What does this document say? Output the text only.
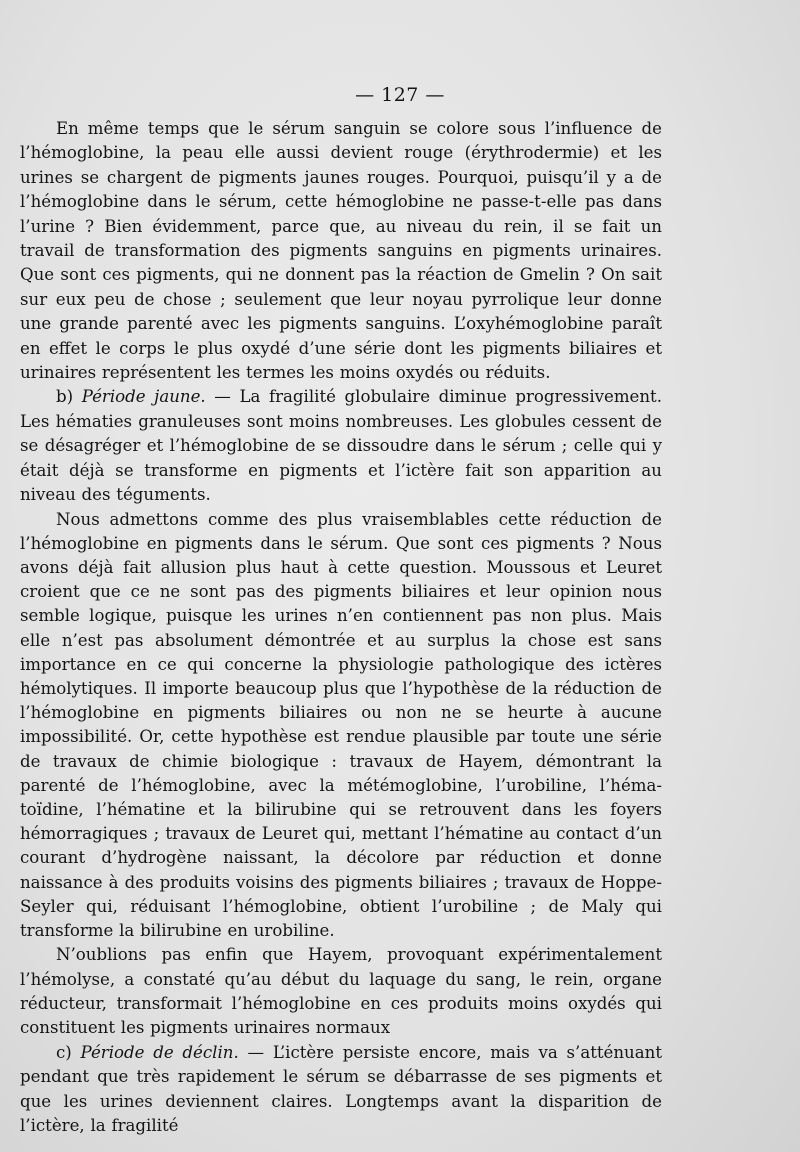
— 127 —

En même temps que le sérum sanguin se colore sous l’influence de l’hémoglobine, la peau elle aussi devient rouge (érythrodermie) et les urines se chargent de pigments jaunes rouges. Pourquoi, puisqu’il y a de l’hémoglobine dans le sérum, cette hémoglobine ne passe-t-elle pas dans l’urine ? Bien évidemment, parce que, au niveau du rein, il se fait un travail de transformation des pigments sanguins en pigments urinaires. Que sont ces pigments, qui ne donnent pas la réaction de Gmelin ? On sait sur eux peu de chose ; seulement que leur noyau pyrrolique leur donne une grande parenté avec les pigments sanguins. L’oxyhémoglobine paraît en effet le corps le plus oxydé d’une série dont les pigments biliaires et urinaires représentent les termes les moins oxydés ou réduits.

b) Période jaune. — La fragilité globulaire diminue progressivement. Les hématies granuleuses sont moins nombreuses. Les globules cessent de se désagréger et l’hémoglobine de se dissoudre dans le sérum ; celle qui y était déjà se transforme en pigments et l’ictère fait son apparition au niveau des téguments.

Nous admettons comme des plus vraisemblables cette réduction de l’hémoglobine en pigments dans le sérum. Que sont ces pigments ? Nous avons déjà fait allusion plus haut à cette question. Moussous et Leuret croient que ce ne sont pas des pigments biliaires et leur opinion nous semble logique, puisque les urines n’en contiennent pas non plus. Mais elle n’est pas absolument démontrée et au surplus la chose est sans importance en ce qui concerne la physiologie pathologique des ictères hémolytiques. Il importe beaucoup plus que l’hypothèse de la réduction de l’hémoglobine en pigments biliaires ou non ne se heurte à aucune impossibilité. Or, cette hypothèse est rendue plausible par toute une série de travaux de chimie biologique : travaux de Hayem, démontrant la parenté de l’hémoglobine, avec la métémoglobine, l’urobiline, l’hématoïdine, l’hématine et la bilirubine qui se retrouvent dans les foyers hémorragiques ; travaux de Leuret qui, mettant l’hématine au contact d’un courant d’hydrogène naissant, la décolore par réduction et donne naissance à des produits voisins des pigments biliaires ; travaux de Hoppe-Seyler qui, réduisant l’hémoglobine, obtient l’urobiline ; de Maly qui transforme la bilirubine en urobiline.

N’oublions pas enfin que Hayem, provoquant expérimentalement l’hémolyse, a constaté qu’au début du laquage du sang, le rein, organe réducteur, transformait l’hémoglobine en ces produits moins oxydés qui constituent les pigments urinaires normaux

c) Période de déclin. — L’ictère persiste encore, mais va s’atténuant pendant que très rapidement le sérum se débarrasse de ses pigments et que les urines deviennent claires. Longtemps avant la disparition de l’ictère, la fragilité
